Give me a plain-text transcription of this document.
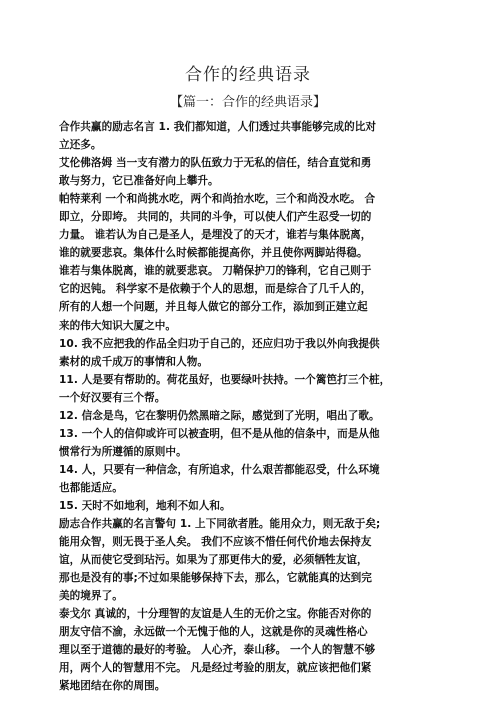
合作的经典语录
【篇一：合作的经典语录】

合作共赢的励志名言 1. 我们都知道，人们透过共事能够完成的比对

立还多。

艾伦佛洛姆 当一支有潜力的队伍致力于无私的信任，结合直觉和勇

敢与努力，它已准备好向上攀升。

帕特莱利 一个和尚挑水吃，两个和尚抬水吃，三个和尚没水吃。 合

即立，分即垮。 共同的，共同的斗争，可以使人们产生忍受一切的

力量。 谁若认为自己是圣人，是埋没了的天才，谁若与集体脱离，

谁的就要悲哀。集体什么时候都能提高你，并且使你两脚站得稳。

谁若与集体脱离，谁的就要悲哀。 刀鞘保护刀的锋利，它自己则于

它的迟钝。 科学家不是依赖于个人的思想，而是综合了几千人的，

所有的人想一个问题，并且每人做它的部分工作，添加到正建立起

来的伟大知识大厦之中。

10. 我不应把我的作品全归功于自己的，还应归功于我以外向我提供

素材的成千成万的事情和人物。

11. 人是要有帮助的。荷花虽好，也要绿叶扶持。一个篱笆打三个桩，

一个好汉要有三个帮。

12. 信念是鸟，它在黎明仍然黑暗之际，感觉到了光明，唱出了歌。

13. 一个人的信仰或许可以被查明，但不是从他的信条中，而是从他

惯常行为所遵循的原则中。

14. 人，只要有一种信念，有所追求，什么艰苦都能忍受，什么环境

也都能适应。

15. 天时不如地利，地利不如人和。

励志合作共赢的名言警句 1. 上下同欲者胜。能用众力，则无敌于矣;

能用众智，则无畏于圣人矣。 我们不应该不惜任何代价地去保持友

谊，从而使它受到玷污。如果为了那更伟大的爱，必须牺牲友谊，

那也是没有的事;不过如果能够保持下去，那么，它就能真的达到完

美的境界了。

泰戈尔 真诚的，十分理智的友谊是人生的无价之宝。你能否对你的

朋友守信不渝，永远做一个无愧于他的人，这就是你的灵魂性格心

理以至于道德的最好的考验。 人心齐，泰山移。 一个人的智慧不够

用，两个人的智慧用不完。 凡是经过考验的朋友，就应该把他们紧

紧地团结在你的周围。
